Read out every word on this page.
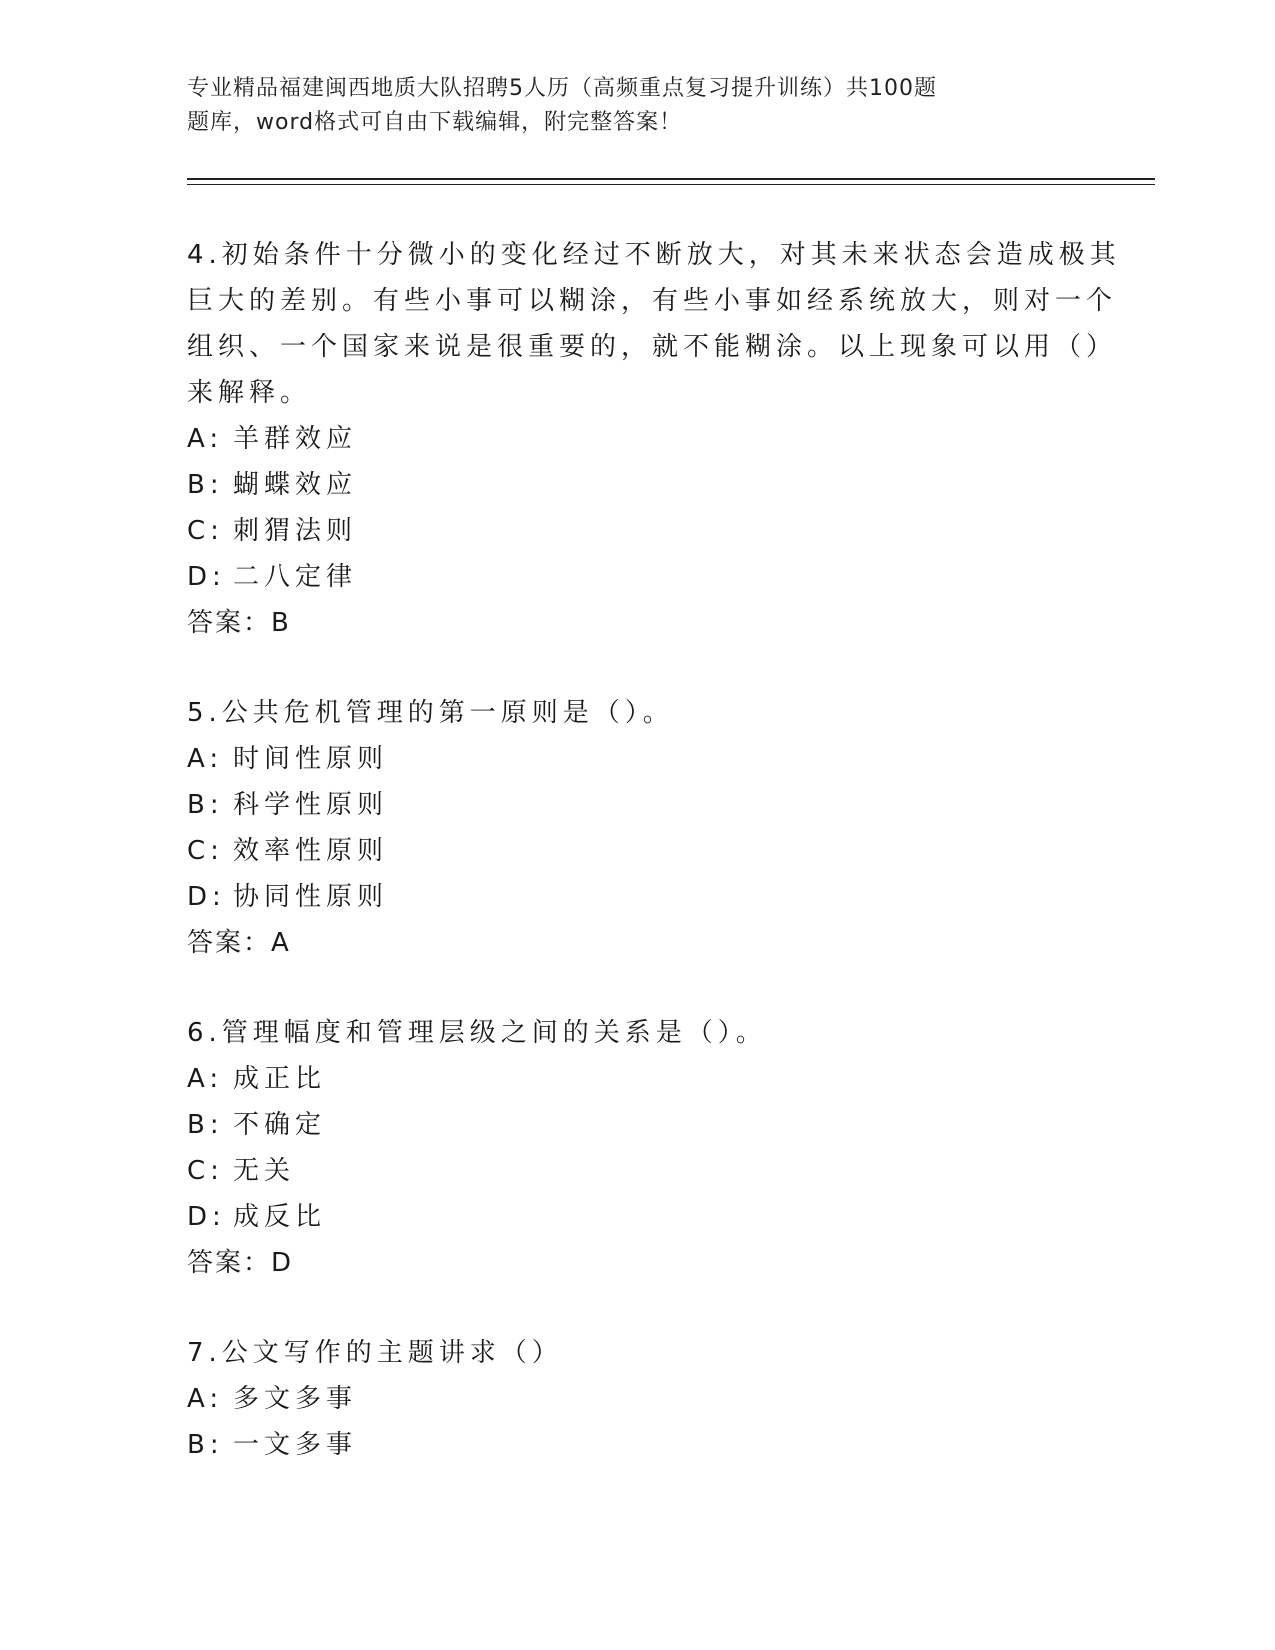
专业精品福建闽西地质大队招聘5人历（高频重点复习提升训练）共100题
题库，word格式可自由下载编辑，附完整答案！
4.初始条件十分微小的变化经过不断放大，对其未来状态会造成极其
巨大的差别。有些小事可以糊涂，有些小事如经系统放大，则对一个
组织、一个国家来说是很重要的，就不能糊涂。以上现象可以用（）
来解释。
A: 羊群效应
B: 蝴蝶效应
C: 刺猬法则
D: 二八定律
答案：B
5.公共危机管理的第一原则是（）。
A: 时间性原则
B: 科学性原则
C: 效率性原则
D: 协同性原则
答案：A
6.管理幅度和管理层级之间的关系是（）。
A: 成正比
B: 不确定
C: 无关
D: 成反比
答案：D
7.公文写作的主题讲求（）
A: 多文多事
B: 一文多事
